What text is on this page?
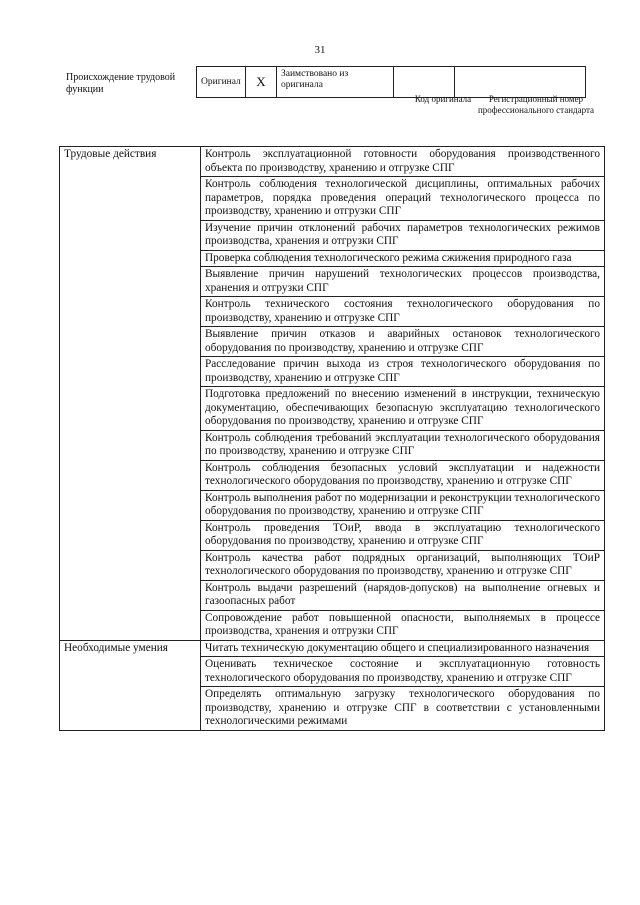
31
Происхождение трудовой функции
Оригинал	X	Заимствовано из оригинала		
Код оригинала	Регистрационный номер профессионального стандарта
Трудовые действия	Контроль эксплуатационной готовности оборудования производственного объекта по производству, хранению и отгрузке СПГ
	Контроль соблюдения технологической дисциплины, оптимальных рабочих параметров, порядка проведения операций технологического процесса по производству, хранению и отгрузки СПГ
	Изучение причин отклонений рабочих параметров технологических режимов производства, хранения и отгрузки СПГ
	Проверка соблюдения технологического режима сжижения природного газа
	Выявление причин нарушений технологических процессов производства, хранения и отгрузки СПГ
	Контроль технического состояния технологического оборудования по производству, хранению и отгрузке СПГ
	Выявление причин отказов и аварийных остановок технологического оборудования по производству, хранению и отгрузке СПГ
	Расследование причин выхода из строя технологического оборудования по производству, хранению и отгрузке СПГ
	Подготовка предложений по внесению изменений в инструкции, техническую документацию, обеспечивающих безопасную эксплуатацию технологического оборудования по производству, хранению и отгрузке СПГ
	Контроль соблюдения требований эксплуатации технологического оборудования по производству, хранению и отгрузке СПГ
	Контроль соблюдения безопасных условий эксплуатации и надежности технологического оборудования по производству, хранению и отгрузке СПГ
	Контроль выполнения работ по модернизации и реконструкции технологического оборудования по производству, хранению и отгрузке СПГ
	Контроль проведения ТОиР, ввода в эксплуатацию технологического оборудования по производству, хранению и отгрузке СПГ
	Контроль качества работ подрядных организаций, выполняющих ТОиР технологического оборудования по производству, хранению и отгрузке СПГ
	Контроль выдачи разрешений (нарядов-допусков) на выполнение огневых и газоопасных работ
	Сопровождение работ повышенной опасности, выполняемых в процессе производства, хранения и отгрузки СПГ
Необходимые умения	Читать техническую документацию общего и специализированного назначения
	Оценивать техническое состояние и эксплуатационную готовность технологического оборудования по производству, хранению и отгрузке СПГ
	Определять оптимальную загрузку технологического оборудования по производству, хранению и отгрузке СПГ в соответствии с установленными технологическими режимами
